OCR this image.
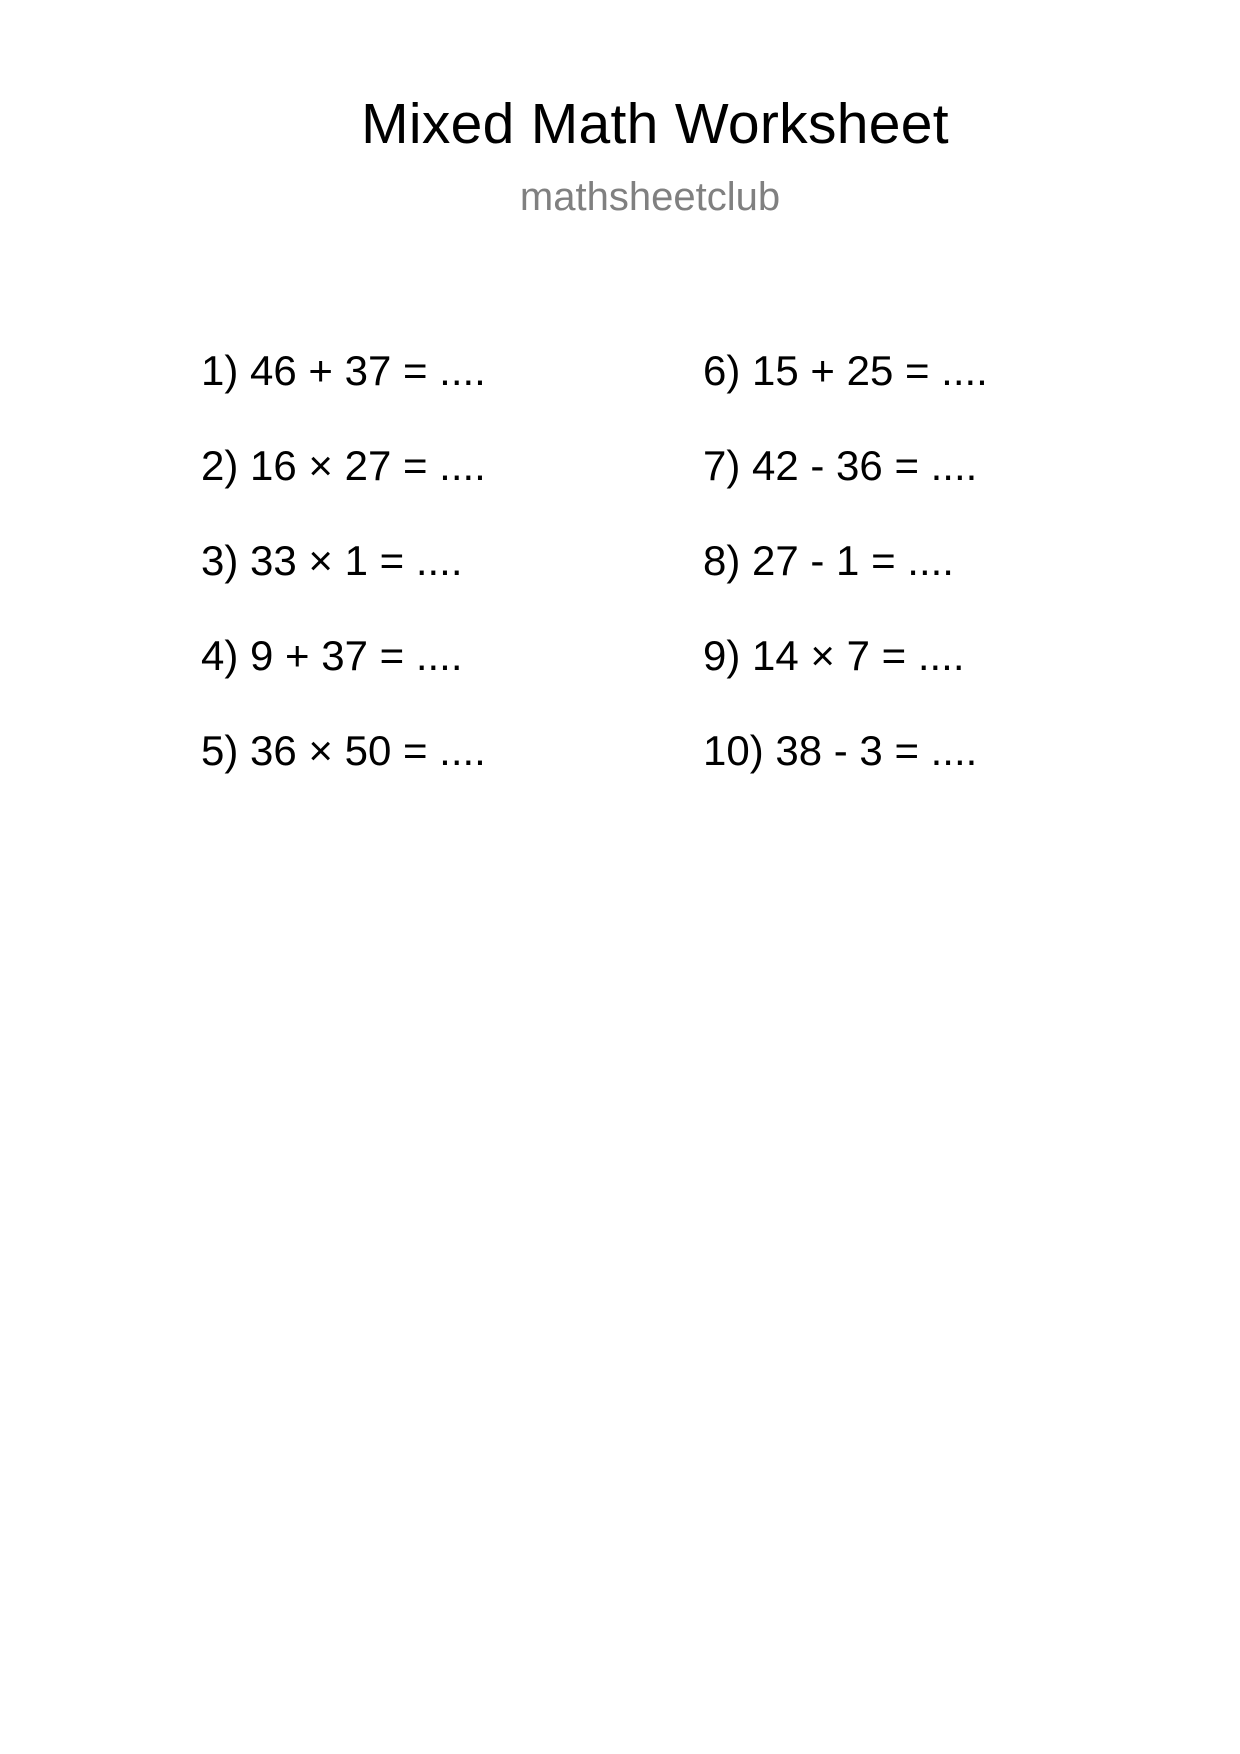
Mixed Math Worksheet
mathsheetclub
1) 46 + 37 = ....
2) 16 × 27 = ....
3) 33 × 1 = ....
4) 9 + 37 = ....
5) 36 × 50 = ....
6) 15 + 25 = ....
7) 42 - 36 = ....
8) 27 - 1 = ....
9) 14 × 7 = ....
10) 38 - 3 = ....
